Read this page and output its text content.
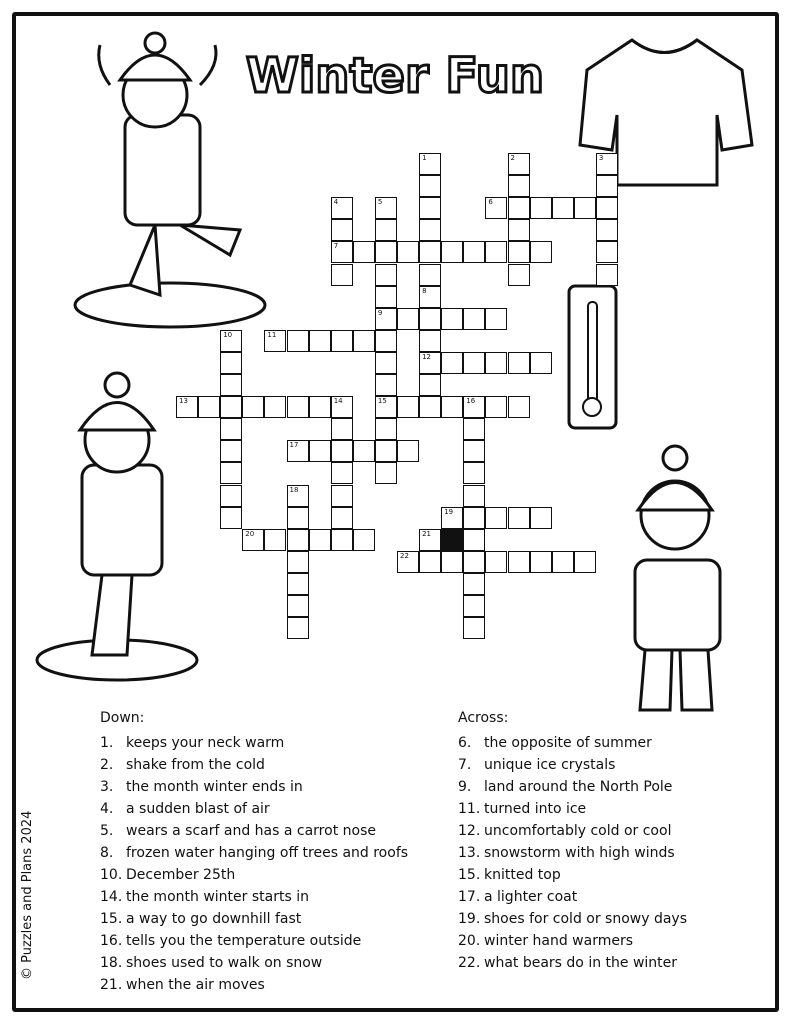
Winter Fun
1	2	3
4
7
5
9
15
6
8
12
10	11
13	14	16
17
18
19
20	21
22
Down:
1. keeps your neck warm
2. shake from the cold
3. the month winter ends in
4. a sudden blast of air
5. wears a scarf and has a carrot nose
8. frozen water hanging off trees and roofs
10. December 25th
14. the month winter starts in
15. a way to go downhill fast
16. tells you the temperature outside
18. shoes used to walk on snow
21. when the air moves
Across:
6. the opposite of summer
7. unique ice crystals
9. land around the North Pole
11. turned into ice
12. uncomfortably cold or cool
13. snowstorm with high winds
15. knitted top
17. a lighter coat
19. shoes for cold or snowy days
20. winter hand warmers
22. what bears do in the winter
© Puzzles and Plans 2024
